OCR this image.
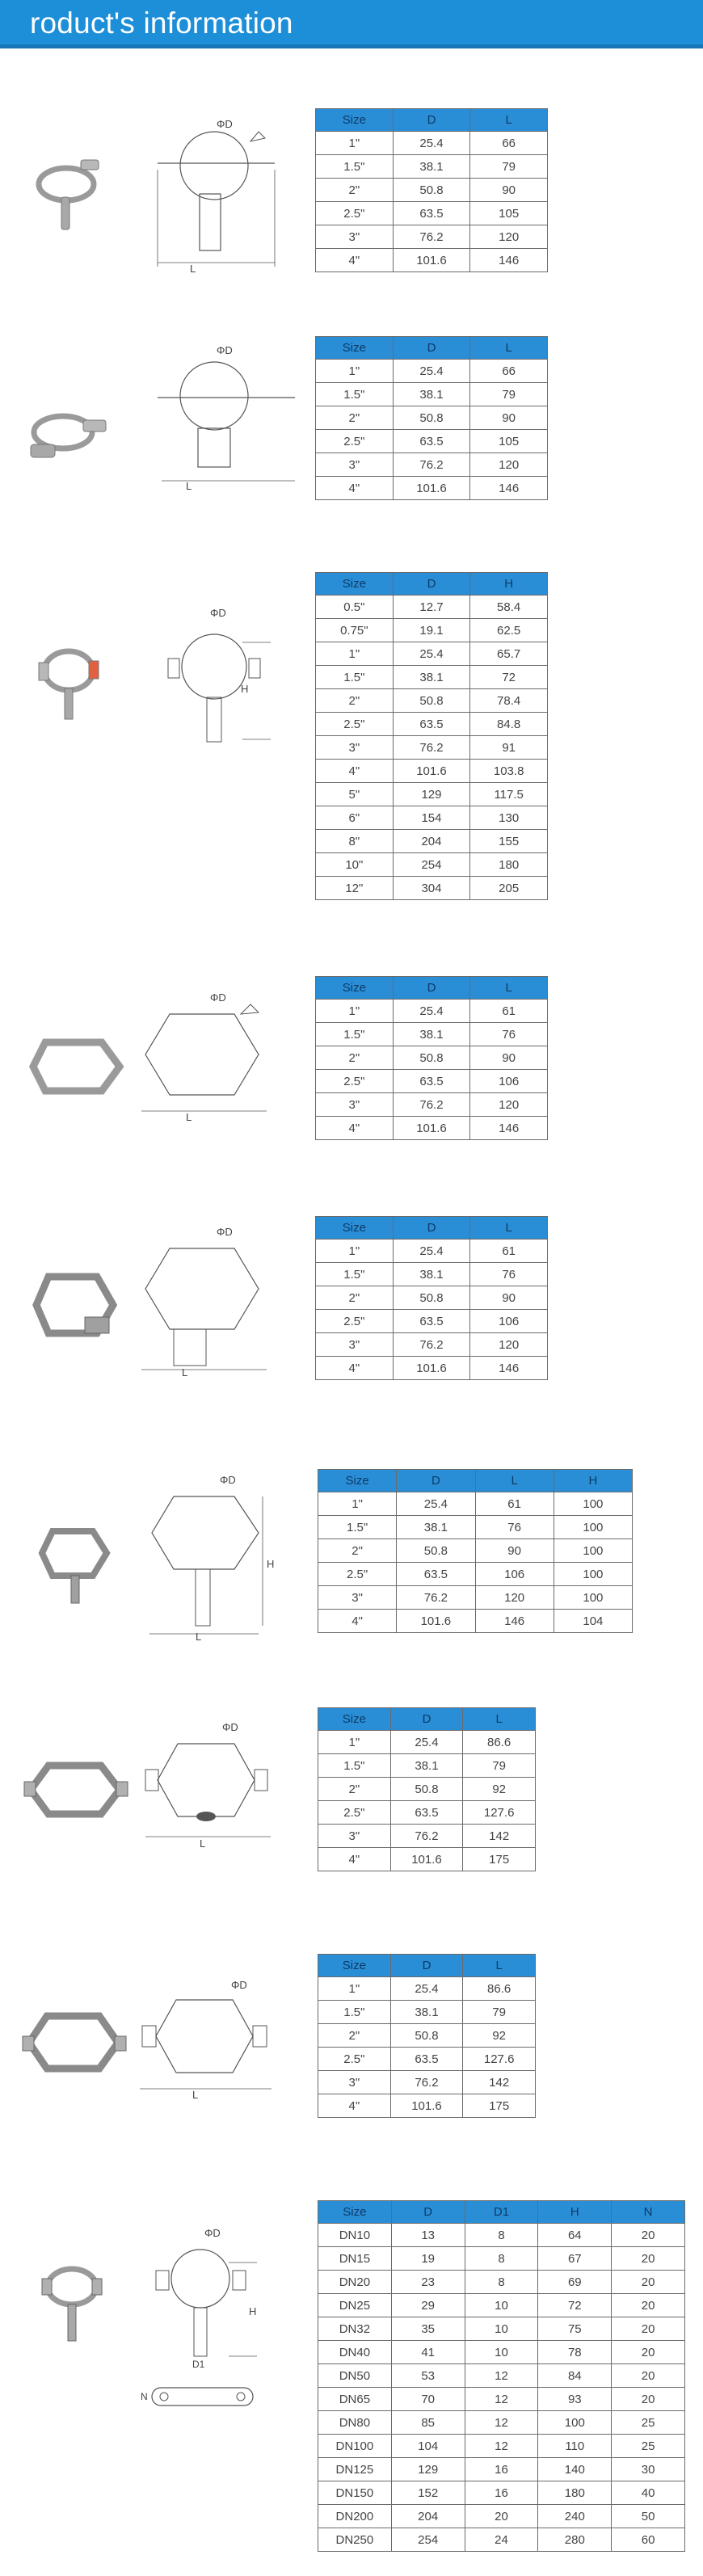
roduct's information
ΦD
L
Size	D	L
1"	25.4	66
1.5"	38.1	79
2"	50.8	90
2.5"	63.5	105
3"	76.2	120
4"	101.6	146
ΦD
L
Size	D	L
1"	25.4	66
1.5"	38.1	79
2"	50.8	90
2.5"	63.5	105
3"	76.2	120
4"	101.6	146
ΦD
H
Size	D	H
0.5"	12.7	58.4
0.75"	19.1	62.5
1"	25.4	65.7
1.5"	38.1	72
2"	50.8	78.4
2.5"	63.5	84.8
3"	76.2	91
4"	101.6	103.8
5"	129	117.5
6"	154	130
8"	204	155
10"	254	180
12"	304	205
ΦD
L
Size	D	L
1"	25.4	61
1.5"	38.1	76
2"	50.8	90
2.5"	63.5	106
3"	76.2	120
4"	101.6	146
ΦD
L
Size	D	L
1"	25.4	61
1.5"	38.1	76
2"	50.8	90
2.5"	63.5	106
3"	76.2	120
4"	101.6	146
ΦD
H
L
Size	D	L	H
1"	25.4	61	100
1.5"	38.1	76	100
2"	50.8	90	100
2.5"	63.5	106	100
3"	76.2	120	100
4"	101.6	146	104
ΦD
L
Size	D	L
1"	25.4	86.6
1.5"	38.1	79
2"	50.8	92
2.5"	63.5	127.6
3"	76.2	142
4"	101.6	175
ΦD
L
Size	D	L
1"	25.4	86.6
1.5"	38.1	79
2"	50.8	92
2.5"	63.5	127.6
3"	76.2	142
4"	101.6	175
ΦD
H
D1
N
Size	D	D1	H	N
DN10	13	8	64	20
DN15	19	8	67	20
DN20	23	8	69	20
DN25	29	10	72	20
DN32	35	10	75	20
DN40	41	10	78	20
DN50	53	12	84	20
DN65	70	12	93	20
DN80	85	12	100	25
DN100	104	12	110	25
DN125	129	16	140	30
DN150	152	16	180	40
DN200	204	20	240	50
DN250	254	24	280	60
